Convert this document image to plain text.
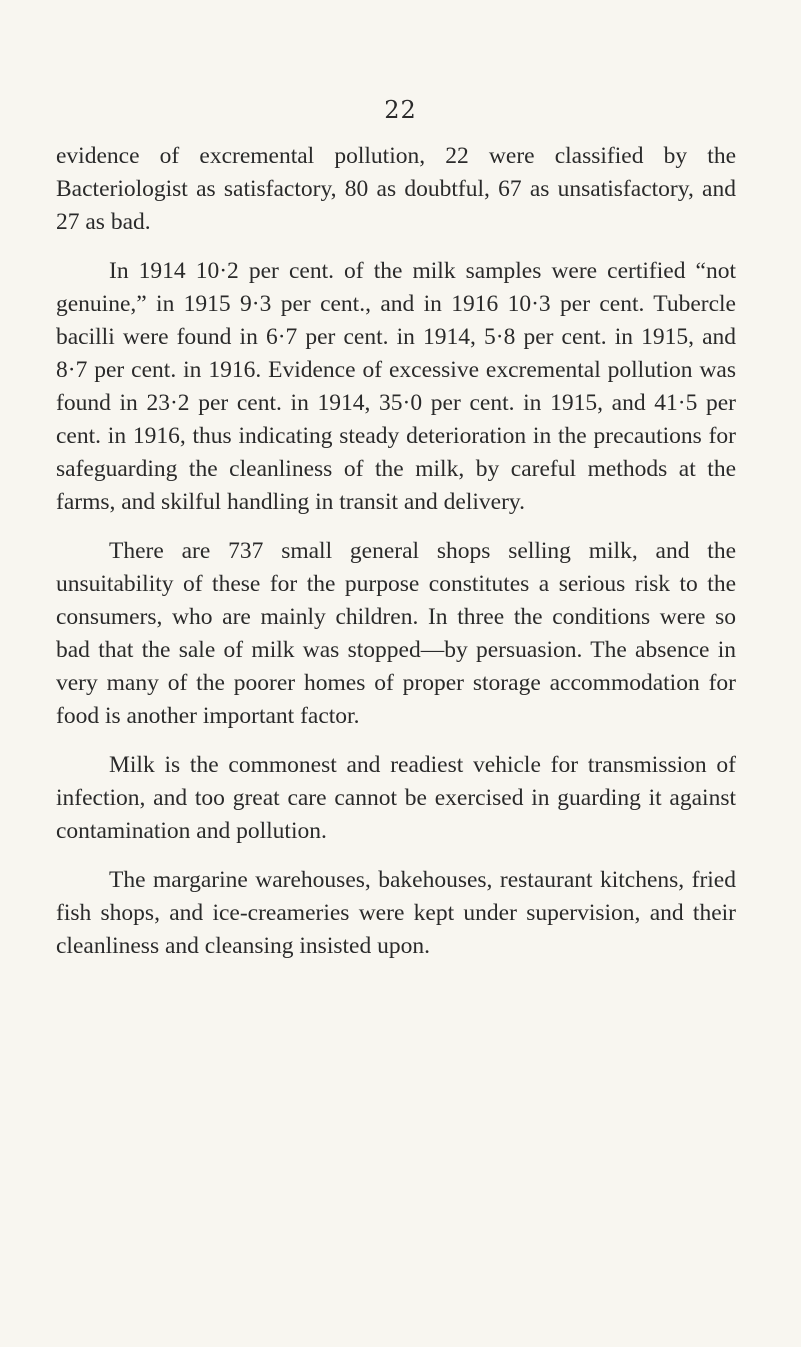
22

evidence of excremental pollution, 22 were classified by the Bacteriologist as satisfactory, 80 as doubtful, 67 as unsatisfactory, and 27 as bad.

In 1914 10·2 per cent. of the milk samples were certified “not genuine,” in 1915 9·3 per cent., and in 1916 10·3 per cent. Tubercle bacilli were found in 6·7 per cent. in 1914, 5·8 per cent. in 1915, and 8·7 per cent. in 1916. Evidence of excessive excremental pollution was found in 23·2 per cent. in 1914, 35·0 per cent. in 1915, and 41·5 per cent. in 1916, thus indicating steady deterioration in the precautions for safeguarding the cleanliness of the milk, by careful methods at the farms, and skilful handling in transit and delivery.

There are 737 small general shops selling milk, and the unsuitability of these for the purpose constitutes a serious risk to the consumers, who are mainly children. In three the conditions were so bad that the sale of milk was stopped—by persuasion. The absence in very many of the poorer homes of proper storage accommodation for food is another important factor.

Milk is the commonest and readiest vehicle for transmission of infection, and too great care cannot be exercised in guarding it against contamination and pollution.

The margarine warehouses, bakehouses, restaurant kitchens, fried fish shops, and ice-creameries were kept under supervision, and their cleanliness and cleansing insisted upon.
